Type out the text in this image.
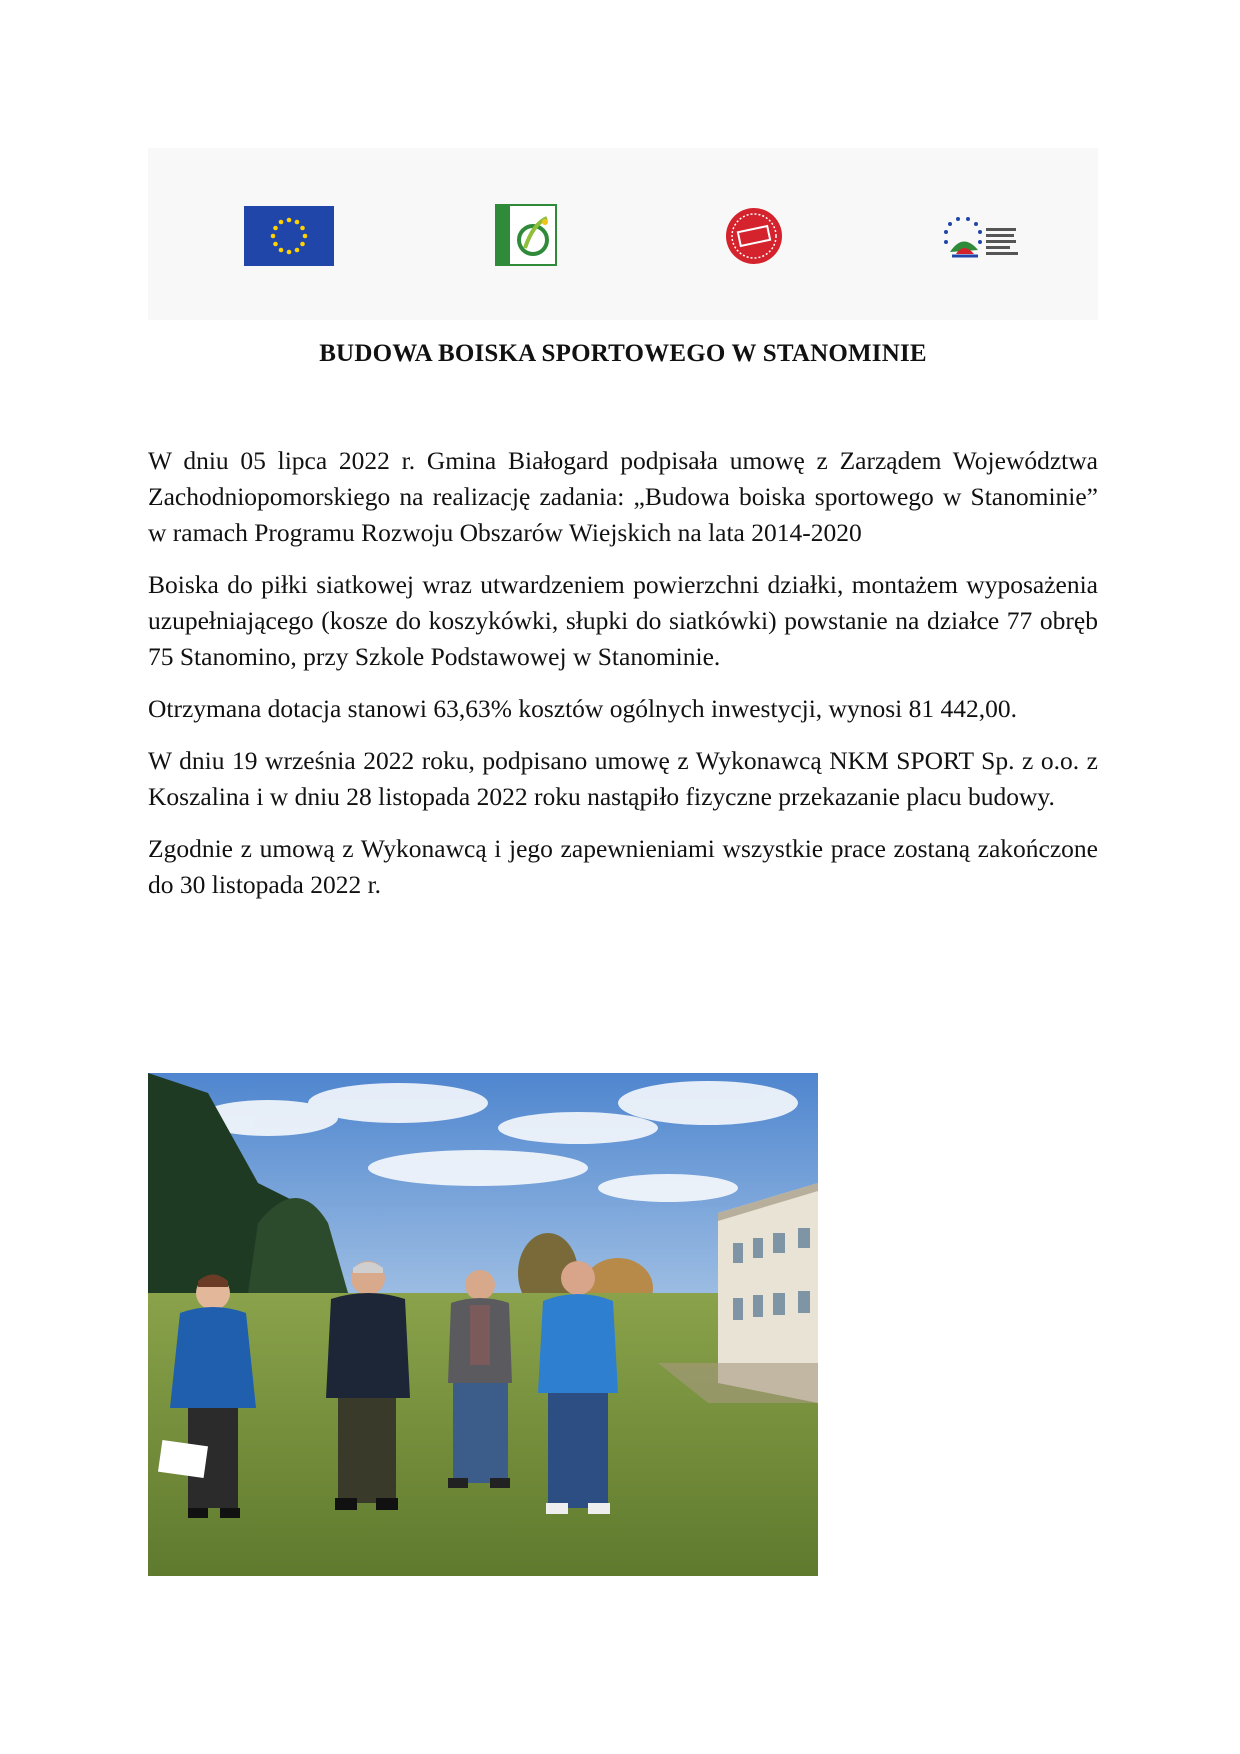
BUDOWA BOISKA SPORTOWEGO W STANOMINIE

W dniu 05 lipca 2022 r. Gmina Białogard podpisała umowę z Zarządem Województwa Zachodniopomorskiego na realizację zadania: „Budowa boiska sportowego w Stanominie” w ramach Programu Rozwoju Obszarów Wiejskich na lata 2014-2020

Boiska do piłki siatkowej wraz utwardzeniem powierzchni działki, montażem wyposażenia uzupełniającego (kosze do koszykówki, słupki do siatkówki) powstanie na działce 77 obręb 75 Stanomino, przy Szkole Podstawowej w Stanominie.

Otrzymana dotacja stanowi 63,63% kosztów ogólnych inwestycji, wynosi 81 442,00.

W dniu 19 września 2022 roku, podpisano umowę z Wykonawcą NKM SPORT Sp. z o.o. z Koszalina i w dniu 28 listopada 2022 roku nastąpiło fizyczne przekazanie placu budowy.

Zgodnie z umową z Wykonawcą i jego zapewnieniami wszystkie prace zostaną zakończone do 30 listopada 2022 r.
